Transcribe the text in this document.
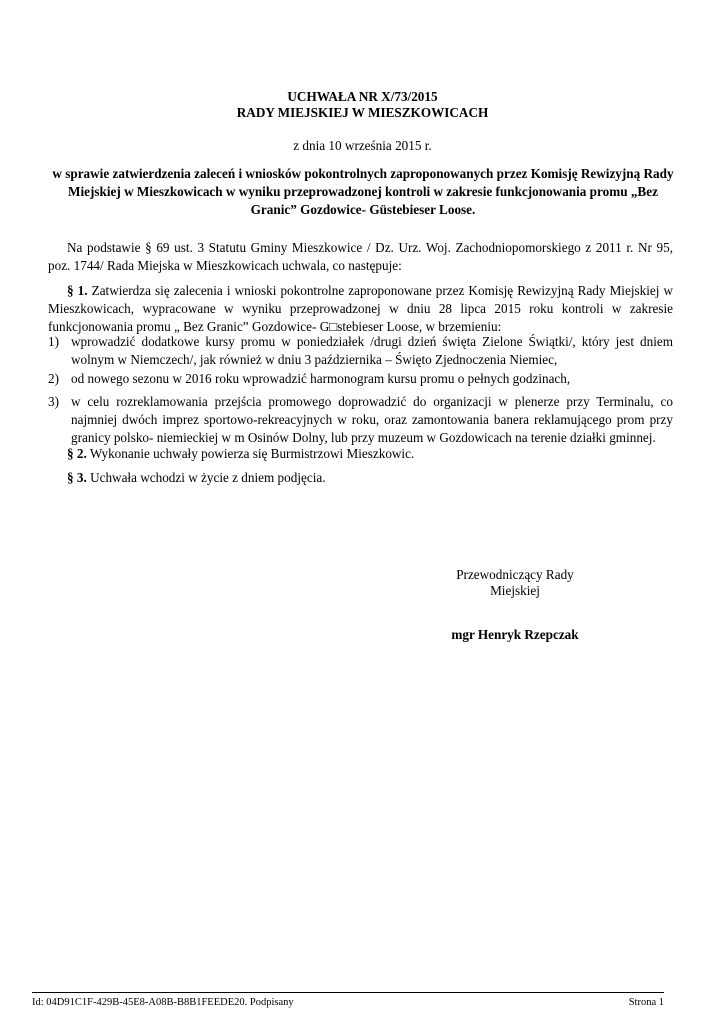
UCHWAŁA NR X/73/2015

RADY MIEJSKIEJ W MIESZKOWICACH

z dnia 10 września 2015 r.

w sprawie zatwierdzenia zaleceń i wniosków pokontrolnych zaproponowanych przez Komisję Rewizyjną Rady Miejskiej w Mieszkowicach w wyniku przeprowadzonej kontroli w zakresie funkcjonowania promu „Bez Granic” Gozdowice- Güstebieser Loose.

Na podstawie § 69 ust. 3 Statutu Gminy Mieszkowice / Dz. Urz. Woj. Zachodniopomorskiego z 2011 r. Nr 95, poz. 1744/ Rada Miejska w Mieszkowicach uchwala, co następuje:

§ 1. Zatwierdza się zalecenia i wnioski pokontrolne zaproponowane przez Komisję Rewizyjną Rady Miejskiej w Mieszkowicach, wypracowane w wyniku przeprowadzonej w dniu 28 lipca 2015 roku kontroli w zakresie funkcjonowania promu „ Bez Granic” Gozdowice- G□stebieser Loose, w brzemieniu:

1) wprowadzić dodatkowe kursy promu w poniedziałek /drugi dzień święta Zielone Świątki/, który jest dniem wolnym w Niemczech/, jak również w dniu 3 października – Święto Zjednoczenia Niemiec,
2) od nowego sezonu w 2016 roku wprowadzić harmonogram kursu promu o pełnych godzinach,
3) w celu rozreklamowania przejścia promowego doprowadzić do organizacji w plenerze przy Terminalu, co najmniej dwóch imprez sportowo-rekreacyjnych w roku, oraz zamontowania banera reklamującego prom przy granicy polsko- niemieckiej w m Osinów Dolny, lub przy muzeum w Gozdowicach na terenie działki gminnej.

§ 2. Wykonanie uchwały powierza się Burmistrzowi Mieszkowic.

§ 3. Uchwała wchodzi w życie z dniem podjęcia.

Przewodniczący Rady

Miejskiej

mgr Henryk Rzepczak

Id: 04D91C1F-429B-45E8-A08B-B8B1FEEDE20. Podpisany	Strona 1
